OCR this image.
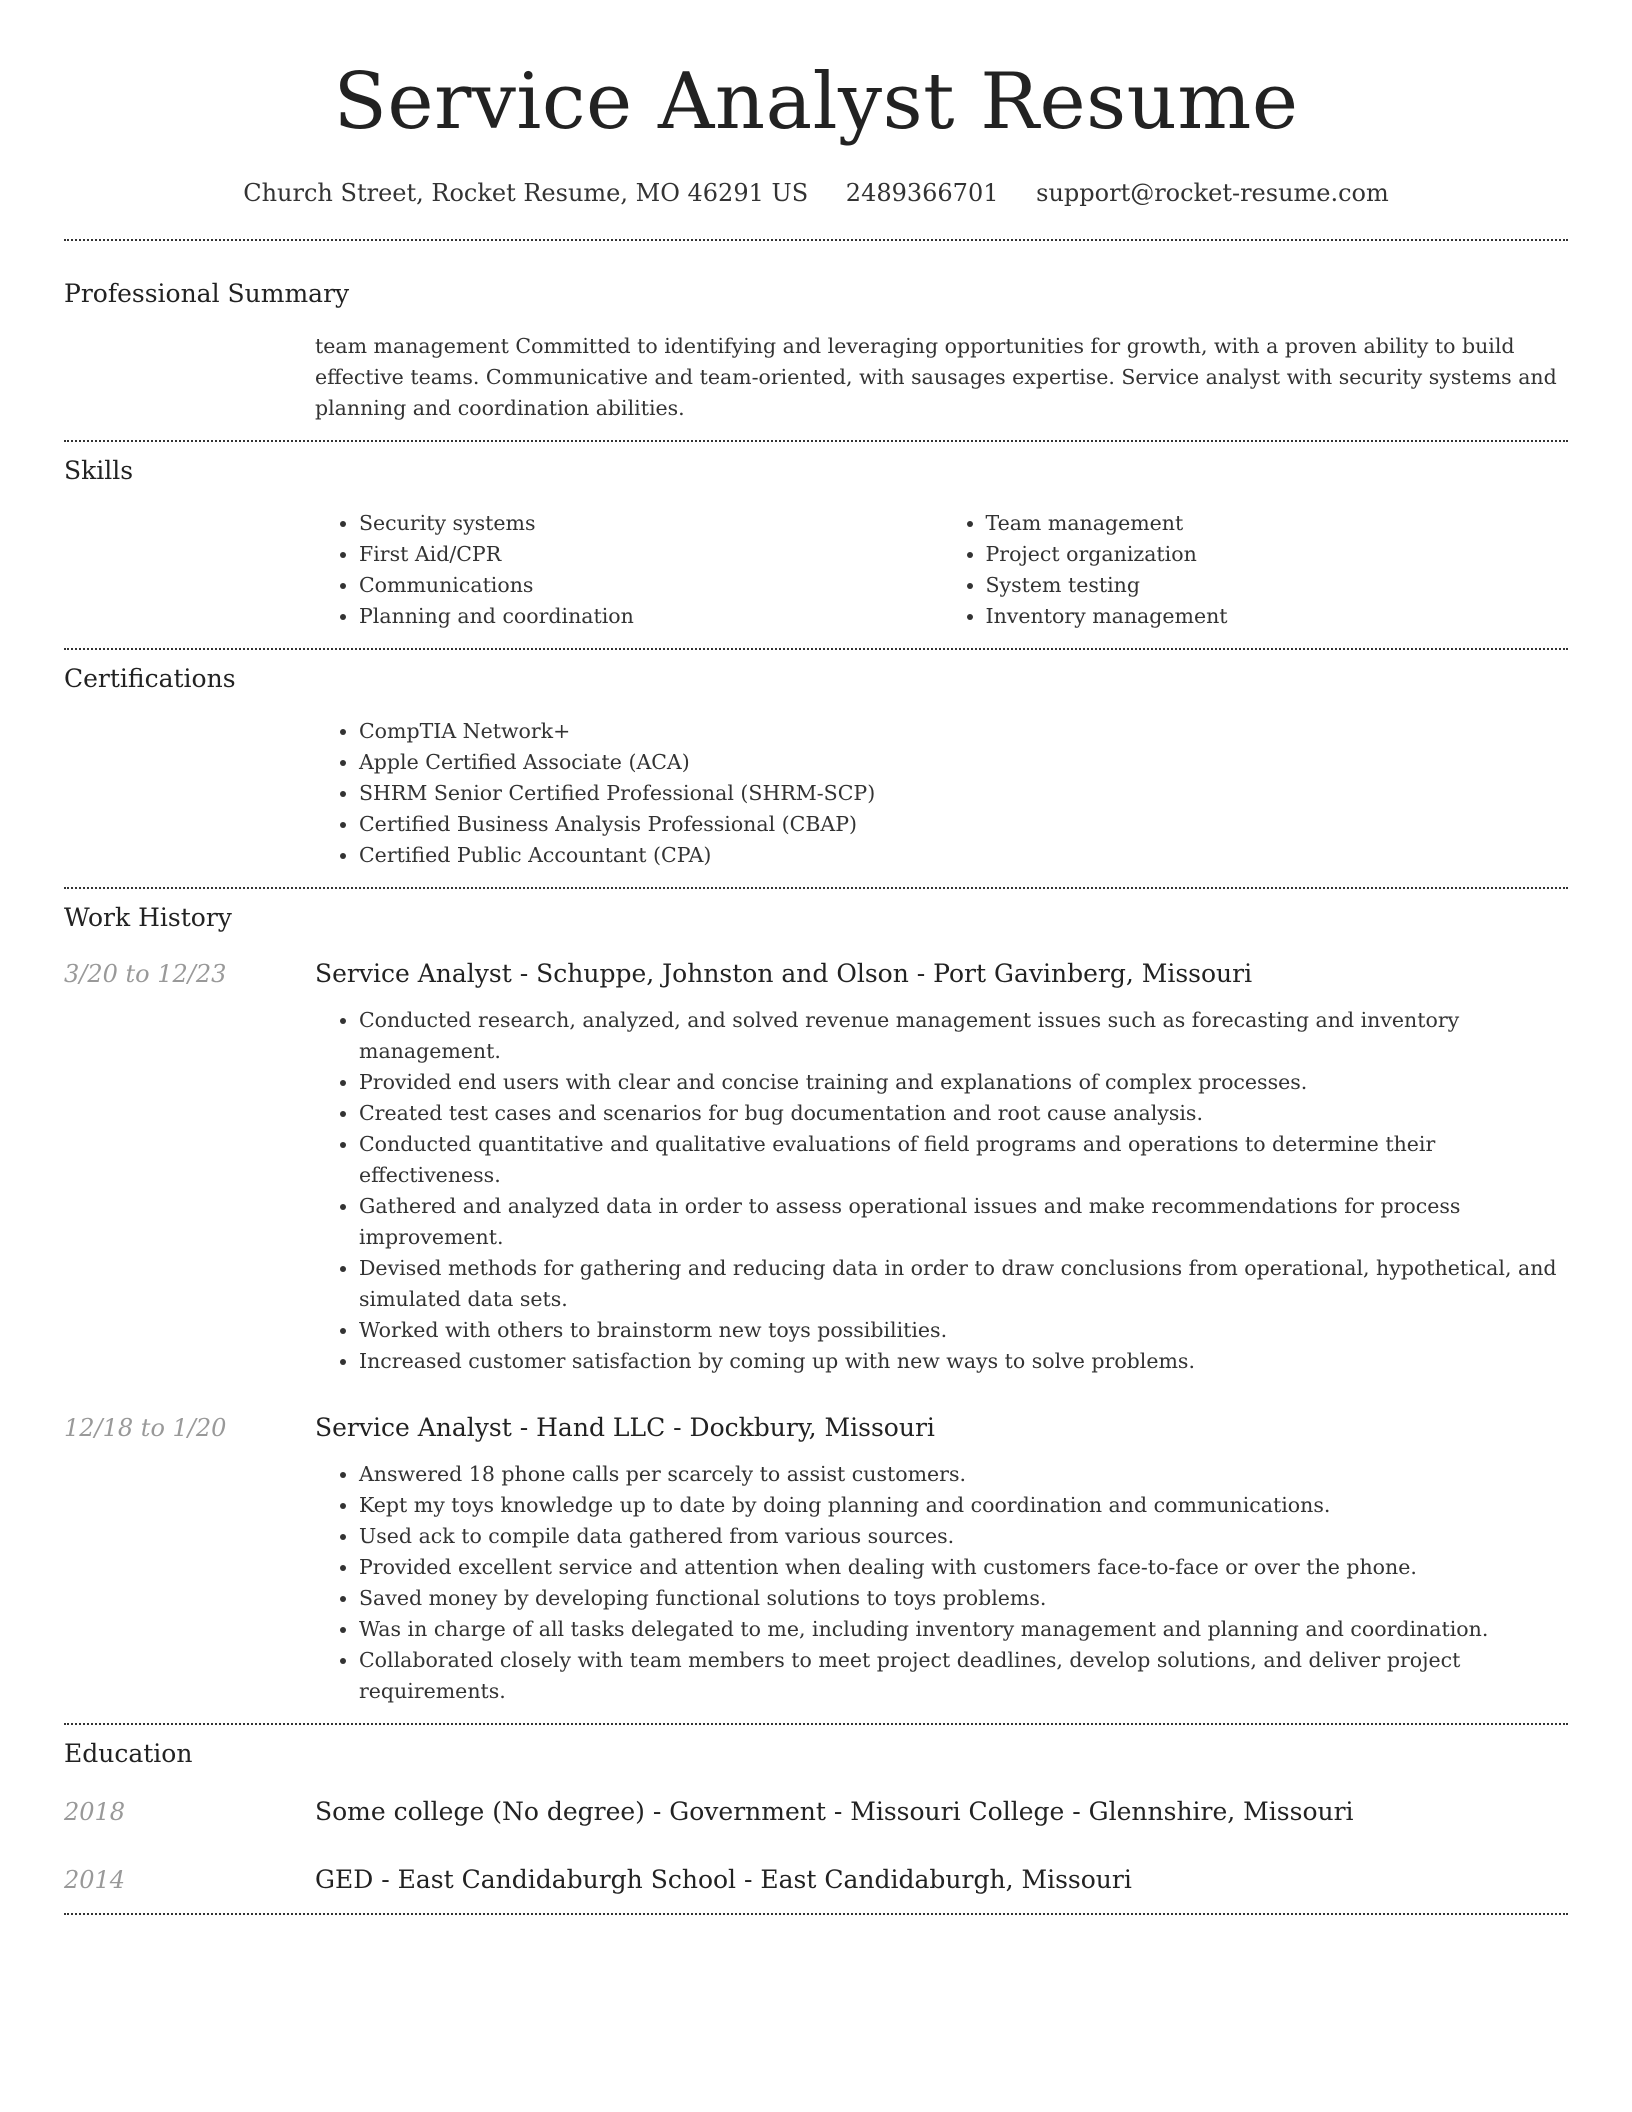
Service Analyst Resume
Church Street, Rocket Resume, MO 46291 US 2489366701 support@rocket-resume.com
Professional Summary

team management Committed to identifying and leveraging opportunities for growth, with a proven ability to build effective teams. Communicative and team-oriented, with sausages expertise. Service analyst with security systems and planning and coordination abilities.

Skills
• Security systems
• First Aid/CPR
• Communications
• Planning and coordination
• Team management
• Project organization
• System testing
• Inventory management
Certifications
• CompTIA Network+
• Apple Certified Associate (ACA)
• SHRM Senior Certified Professional (SHRM-SCP)
• Certified Business Analysis Professional (CBAP)
• Certified Public Accountant (CPA)
Work History
3/20 to 12/23	Service Analyst - Schuppe, Johnston and Olson - Port Gavinberg, Missouri
• Conducted research, analyzed, and solved revenue management issues such as forecasting and inventory management.
• Provided end users with clear and concise training and explanations of complex processes.
• Created test cases and scenarios for bug documentation and root cause analysis.
• Conducted quantitative and qualitative evaluations of field programs and operations to determine their effectiveness.
• Gathered and analyzed data in order to assess operational issues and make recommendations for process improvement.
• Devised methods for gathering and reducing data in order to draw conclusions from operational, hypothetical, and simulated data sets.
• Worked with others to brainstorm new toys possibilities.
• Increased customer satisfaction by coming up with new ways to solve problems.
12/18 to 1/20	Service Analyst - Hand LLC - Dockbury, Missouri
• Answered 18 phone calls per scarcely to assist customers.
• Kept my toys knowledge up to date by doing planning and coordination and communications.
• Used ack to compile data gathered from various sources.
• Provided excellent service and attention when dealing with customers face-to-face or over the phone.
• Saved money by developing functional solutions to toys problems.
• Was in charge of all tasks delegated to me, including inventory management and planning and coordination.
• Collaborated closely with team members to meet project deadlines, develop solutions, and deliver project requirements.
Education
2018	Some college (No degree) - Government - Missouri College - Glennshire, Missouri
2014	GED - East Candidaburgh School - East Candidaburgh, Missouri
